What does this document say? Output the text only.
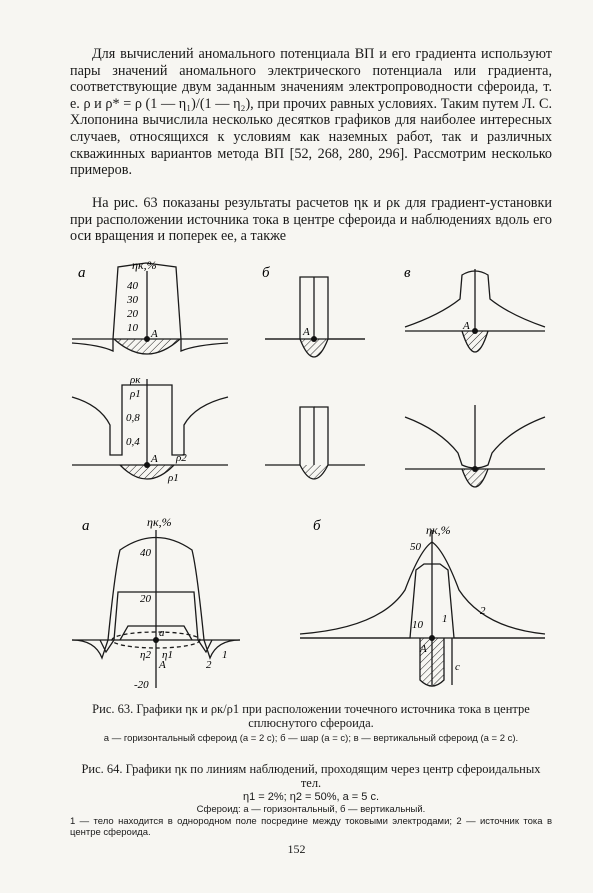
Для вычислений аномального потенциала ВП и его градиента используют пары значений аномального электрического потенциала или градиента, соответствующие двум заданным значениям электропроводности сфероида, т. е. ρ и ρ* = ρ (1 — η₁)/(1 — η₂), при прочих равных условиях. Таким путем Л. С. Хлопонина вычислила несколько десятков графиков для наиболее интересных случаев, относящихся к условиям как наземных работ, так и различных скважинных вариантов метода ВП [52, 268, 280, 296]. Рассмотрим несколько примеров.

На рис. 63 показаны результаты расчетов ηк и ρк для градиент-установки при расположении источника тока в центре сфероида и наблюдениях вдоль его оси вращения и поперек ее, а также

а	б	в
ηк,%
40
30
20
10 A	A	A
ρк
ρ1
0,8
0,4
A ρ2
ρ1
а	б
ηк,%
40
20
-20
a
η2 η1	1
2
A
ηк,%
50
10
A
1
2
c

Рис. 63. Графики ηк и ρк/ρ1 при расположении точечного источника тока в центре сплюснутого сфероида.

а — горизонтальный сфероид (а = 2 с); б — шар (а = с); в — вертикальный сфероид (а = 2 с).

Рис. 64. Графики ηк по линиям наблюдений, проходящим через центр сфероидальных тел.

η1 = 2%; η2 = 50%, а = 5 с.

Сфероид: а — горизонтальный, б — вертикальный.

1 — тело находится в однородном поле посредине между токовыми электродами; 2 — источник тока в центре сфероида.

152
